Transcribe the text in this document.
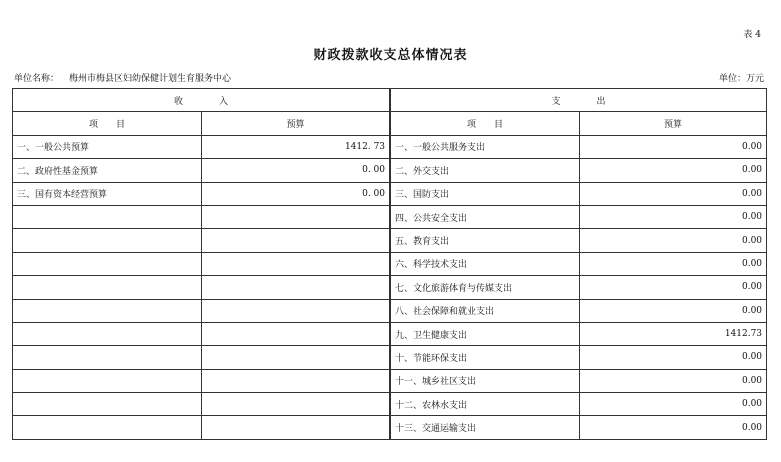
表 4
财政拨款收支总体情况表
单位名称： 梅州市梅县区妇幼保健计划生育服务中心	单位：万元
收　　　　入		支　　　　出	
项　　目	预算		项　　目	预算
一、一般公共预算	1412. 73		一、一般公共服务支出	0.00
二、政府性基金预算	0. 00		二、外交支出	0.00
三、国有资本经营预算	0. 00		三、国防支出	0.00
			四、公共安全支出	0.00
			五、教育支出	0.00
			六、科学技术支出	0.00
			七、文化旅游体育与传媒支出	0.00
			八、社会保障和就业支出	0.00
			九、卫生健康支出	1412.73
			十、节能环保支出	0.00
			十一、城乡社区支出	0.00
			十二、农林水支出	0.00
			十三、交通运输支出	0.00
